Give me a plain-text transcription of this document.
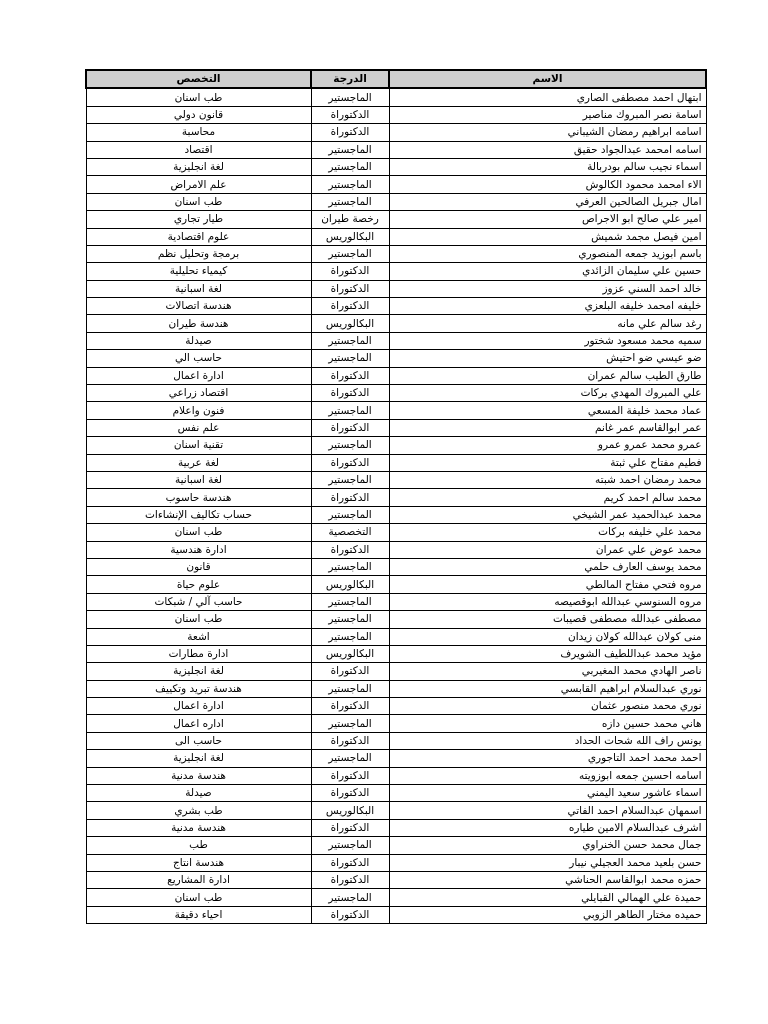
التخصص	الدرجة	الاسم
طب اسنان	الماجستير	ابتهال احمد مصطفى الصاري
قانون دولي	الدكتوراة	اسامة نصر المبروك مناصير
محاسبة	الدكتوراة	اسامه ابراهيم رمضان الشيباني
اقتصاد	الماجستير	اسامه امحمد عبدالجواد حقيق
لغة انجليزية	الماجستير	اسماء نجيب سالم بودربالة
علم الامراض	الماجستير	الاء امحمد محمود الكالوش
طب اسنان	الماجستير	امال جبريل الصالحين العرفي
طيار تجاري	رخصة طيران	امير علي صالح ابو الاجراص
علوم اقتصادية	البكالوريس	امين فيصل مجمد شميش
برمجة وتحليل نظم	الماجستير	باسم ابوزيد جمعه المنصوري
كيمياء تحليلية	الدكتوراة	حسين علي سليمان الزائدي
لغة اسبانية	الدكتوراة	خالد احمد السني عزوز
هندسة اتصالات	الدكتوراة	خليفه امحمد خليفه البلعزي
هندسة طيران	البكالوريس	رغد سالم علي مانه
صيدلة	الماجستير	سميه محمد مسعود شختور
حاسب الي	الماجستير	ضو عيسي ضو احتيش
ادارة اعمال	الدكتوراة	طارق الطيب سالم عمران
اقتصاد زراعي	الدكتوراة	علي المبروك المهدي بركات
فنون واعلام	الماجستير	عماد محمد خليفة المسعي
علم نفس	الدكتوراة	عمر ابوالقاسم عمر غانم
تقنية اسنان	الماجستير	عمرو محمد عمرو عمرو
لغة عربية	الدكتوراة	فطيم مفتاح علي ثبتة
لغة اسبانية	الماجستير	محمد رمضان احمد شبته
هندسة حاسوب	الدكتوراة	محمد سالم احمد كريم
حساب تكاليف الإنشاءات	الماجستير	محمد عبدالحميد عمر الشيخي
طب اسنان	التخصصية	محمد علي خليفه بركات
ادارة هندسية	الدكتوراة	محمد عوض علي عمران
قانون	الماجستير	محمد يوسف العارف حلمي
علوم حياة	البكالوريس	مروه فتحي مفتاح المالطي
حاسب آلي / شبكات	الماجستير	مروه السنوسي عبدالله ابوقصيصه
طب اسنان	الماجستير	مصطفى عبدالله مصطفى قصيبات
اشعة	الماجستير	منى كولان عبدالله كولان زيدان
ادارة مطارات	البكالوريس	مؤيد محمد عبداللطيف الشويرف
لغة انجليزية	الدكتوراة	ناصر الهادي محمد المغيربي
هندسة تبريد وتكييف	الماجستير	نوري عبدالسلام ابراهيم القابسي
ادارة اعمال	الدكتوراة	نوري محمد منصور عثمان
اداره اعمال	الماجستير	هاني محمد حسين دازه
حاسب الى	الدكتوراة	يونس راف الله شحات الحداد
لغة انجليزية	الماجستير	احمد محمد احمد التاجوري
هندسة مدنية	الدكتوراة	اسامه احسين جمعه ابوزويته
صيدلة	الدكتوراة	اسماء عاشور سعيد اليمني
طب بشري	البكالوريس	اسمهان عبدالسلام احمد الفاتي
هندسة مدنية	الدكتوراة	اشرف عبدالسلام الامين طياره
طب	الماجستير	جمال محمد حسن الخنراوي
هندسة انتاج	الدكتوراة	حسن بلعيد محمد العجيلي نيبار
ادارة المشاريع	الدكتوراة	حمزه محمد ابوالقاسم الحناشي
طب اسنان	الماجستير	حميدة علي الهمالي القبايلي
احياء دقيقة	الدكتوراة	حميده مختار الطاهر الزوبي
